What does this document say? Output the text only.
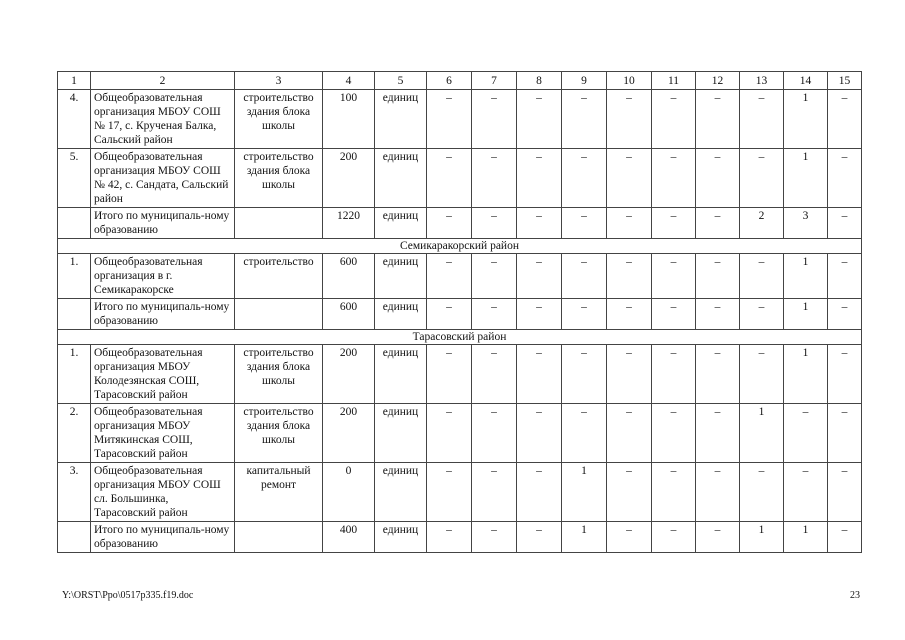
1	2	3	4	5	6	7	8	9	10	11	12	13	14	15
4.	Общеобразовательная организация МБОУ СОШ № 17, с. Крученая Балка, Сальский район	строительство здания блока школы	100	единиц	–	–	–	–	–	–	–	–	1	–
5.	Общеобразовательная организация МБОУ СОШ № 42, с. Сандата, Сальский район	строительство здания блока школы	200	единиц	–	–	–	–	–	–	–	–	1	–
	Итого по муниципаль-ному образованию		1220	единиц	–	–	–	–	–	–	–	2	3	–
Семикаракорский район														
1.	Общеобразовательная организация в г. Семикаракорске	строительство	600	единиц	–	–	–	–	–	–	–	–	1	–
	Итого по муниципаль-ному образованию		600	единиц	–	–	–	–	–	–	–	–	1	–
Тарасовский район														
1.	Общеобразовательная организация МБОУ Колодезянская СОШ, Тарасовский район	строительство здания блока школы	200	единиц	–	–	–	–	–	–	–	–	1	–
2.	Общеобразовательная организация МБОУ Митякинская СОШ, Тарасовский район	строительство здания блока школы	200	единиц	–	–	–	–	–	–	–	1	–	–
3.	Общеобразовательная организация МБОУ СОШ сл. Большинка, Тарасовский район	капитальный ремонт	0	единиц	–	–	–	1	–	–	–	–	–	–
	Итого по муниципаль-ному образованию		400	единиц	–	–	–	1	–	–	–	1	1	–
Y:\ORST\Ppo\0517p335.f19.doc	23
